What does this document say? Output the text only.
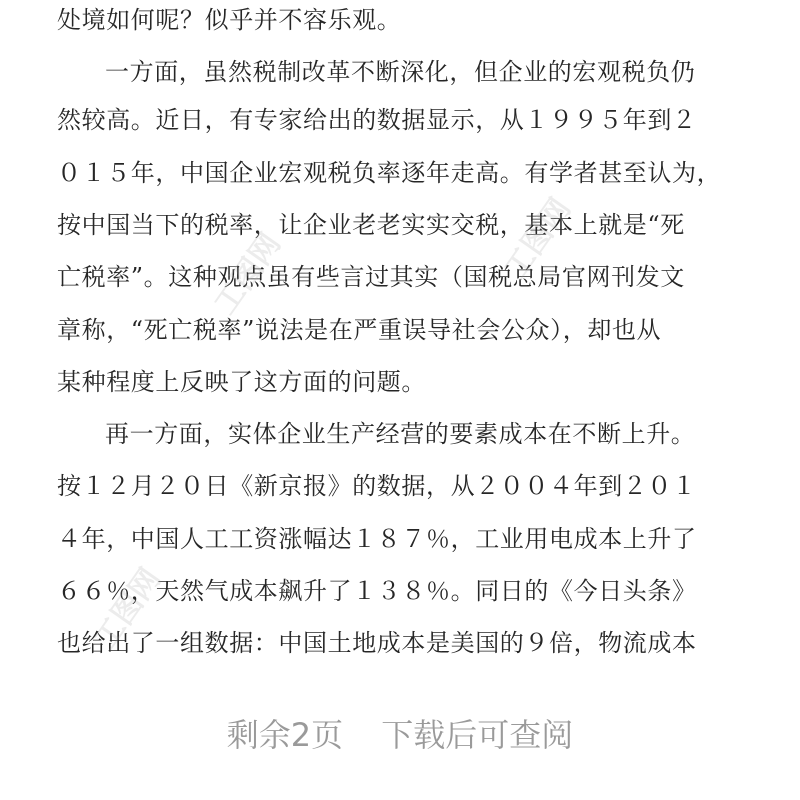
处境如何呢？似乎并不容乐观。
一方面，虽然税制改革不断深化，但企业的宏观税负仍
然较高。近日，有专家给出的数据显示，从１９９５年到２
０１５年，中国企业宏观税负率逐年走高。有学者甚至认为，
按中国当下的税率，让企业老老实实交税，基本上就是“死
亡税率”。这种观点虽有些言过其实（国税总局官网刊发文
章称，“死亡税率”说法是在严重误导社会公众），却也从
某种程度上反映了这方面的问题。
再一方面，实体企业生产经营的要素成本在不断上升。
按１２月２０日《新京报》的数据，从２００４年到２０１
４年，中国人工工资涨幅达１８７％，工业用电成本上升了
６６％，天然气成本飙升了１３８％。同日的《今日头条》
也给出了一组数据：中国土地成本是美国的９倍，物流成本
工图网	工图网
工图网
剩余2页 下载后可查阅
